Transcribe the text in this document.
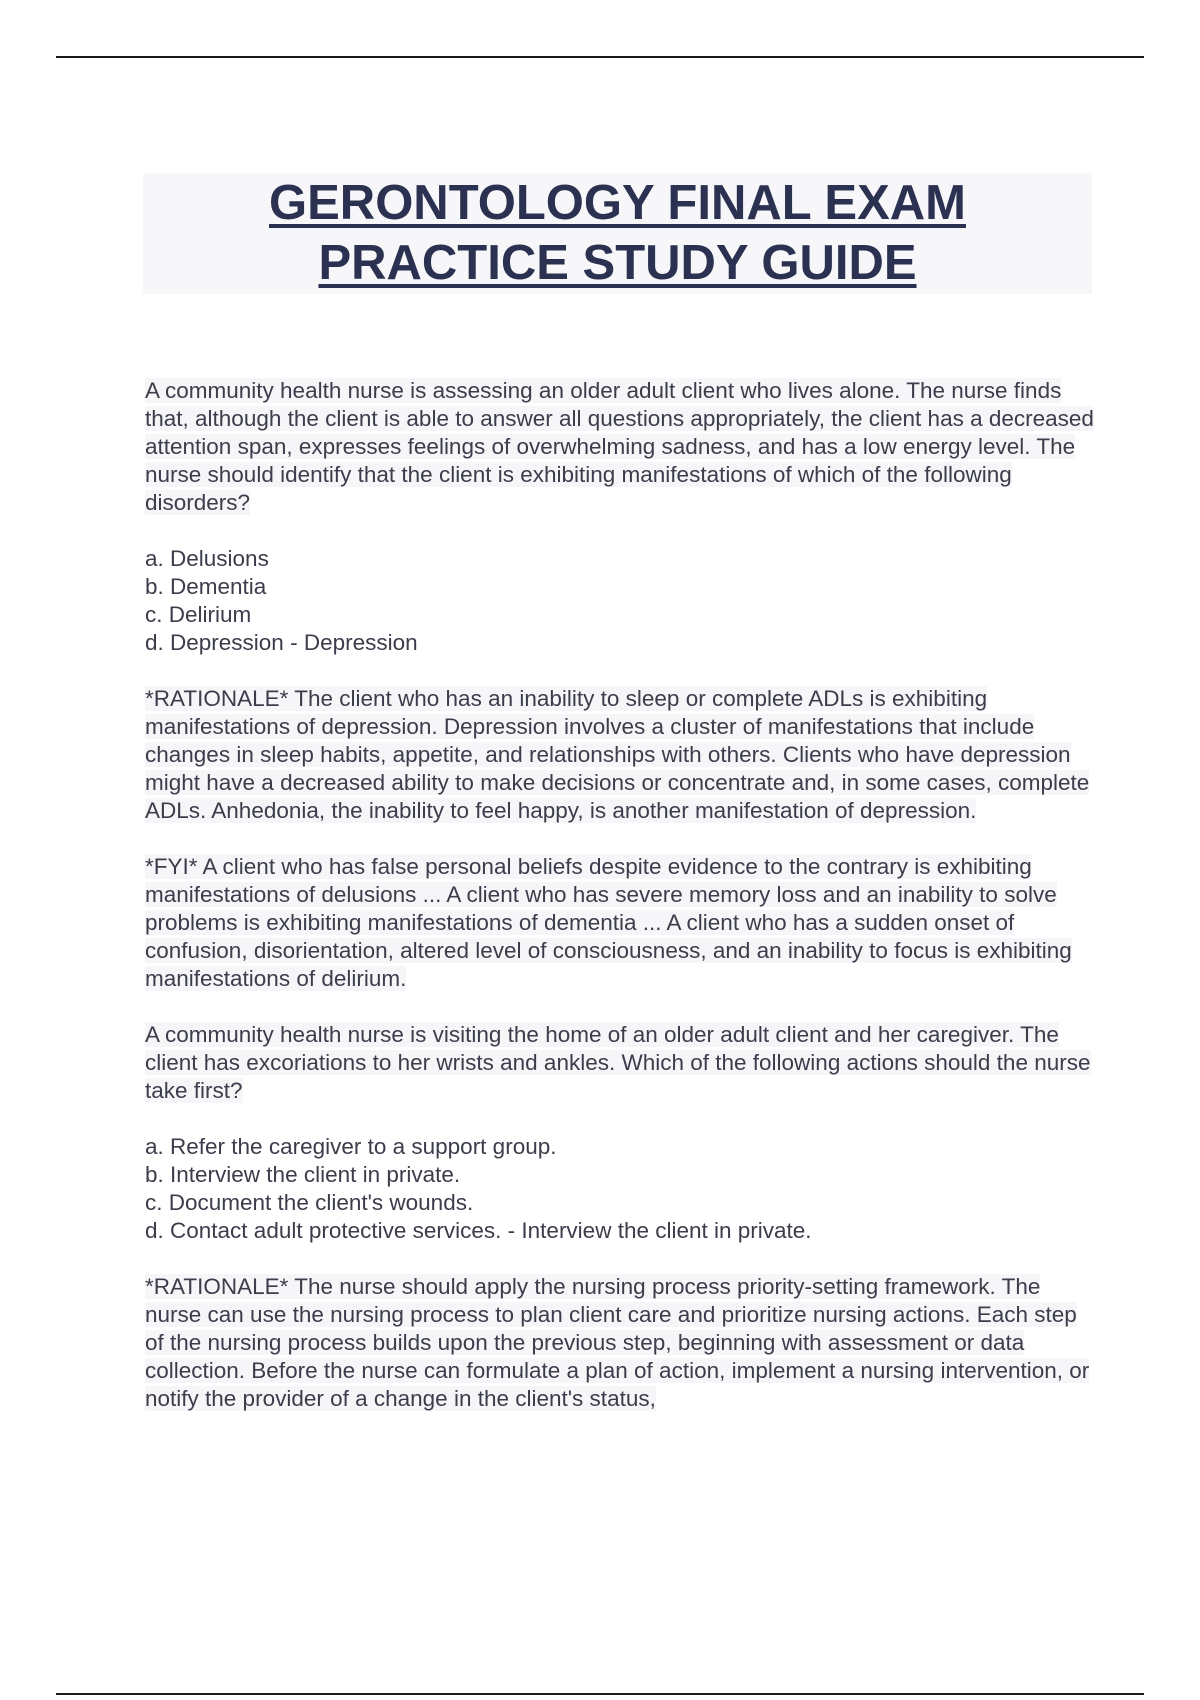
GERONTOLOGY FINAL EXAM
PRACTICE STUDY GUIDE

A community health nurse is assessing an older adult client who lives alone. The nurse finds that, although the client is able to answer all questions appropriately, the client has a decreased attention span, expresses feelings of overwhelming sadness, and has a low energy level. The nurse should identify that the client is exhibiting manifestations of which of the following disorders?

a. Delusions
b. Dementia
c. Delirium
d. Depression - Depression

*RATIONALE* The client who has an inability to sleep or complete ADLs is exhibiting manifestations of depression. Depression involves a cluster of manifestations that include changes in sleep habits, appetite, and relationships with others. Clients who have depression might have a decreased ability to make decisions or concentrate and, in some cases, complete ADLs. Anhedonia, the inability to feel happy, is another manifestation of depression.

*FYI* A client who has false personal beliefs despite evidence to the contrary is exhibiting manifestations of delusions ... A client who has severe memory loss and an inability to solve problems is exhibiting manifestations of dementia ... A client who has a sudden onset of confusion, disorientation, altered level of consciousness, and an inability to focus is exhibiting manifestations of delirium.

A community health nurse is visiting the home of an older adult client and her caregiver. The client has excoriations to her wrists and ankles. Which of the following actions should the nurse take first?

a. Refer the caregiver to a support group.
b. Interview the client in private.
c. Document the client's wounds.
d. Contact adult protective services. - Interview the client in private.

*RATIONALE* The nurse should apply the nursing process priority-setting framework. The nurse can use the nursing process to plan client care and prioritize nursing actions. Each step of the nursing process builds upon the previous step, beginning with assessment or data collection. Before the nurse can formulate a plan of action, implement a nursing intervention, or notify the provider of a change in the client's status,
